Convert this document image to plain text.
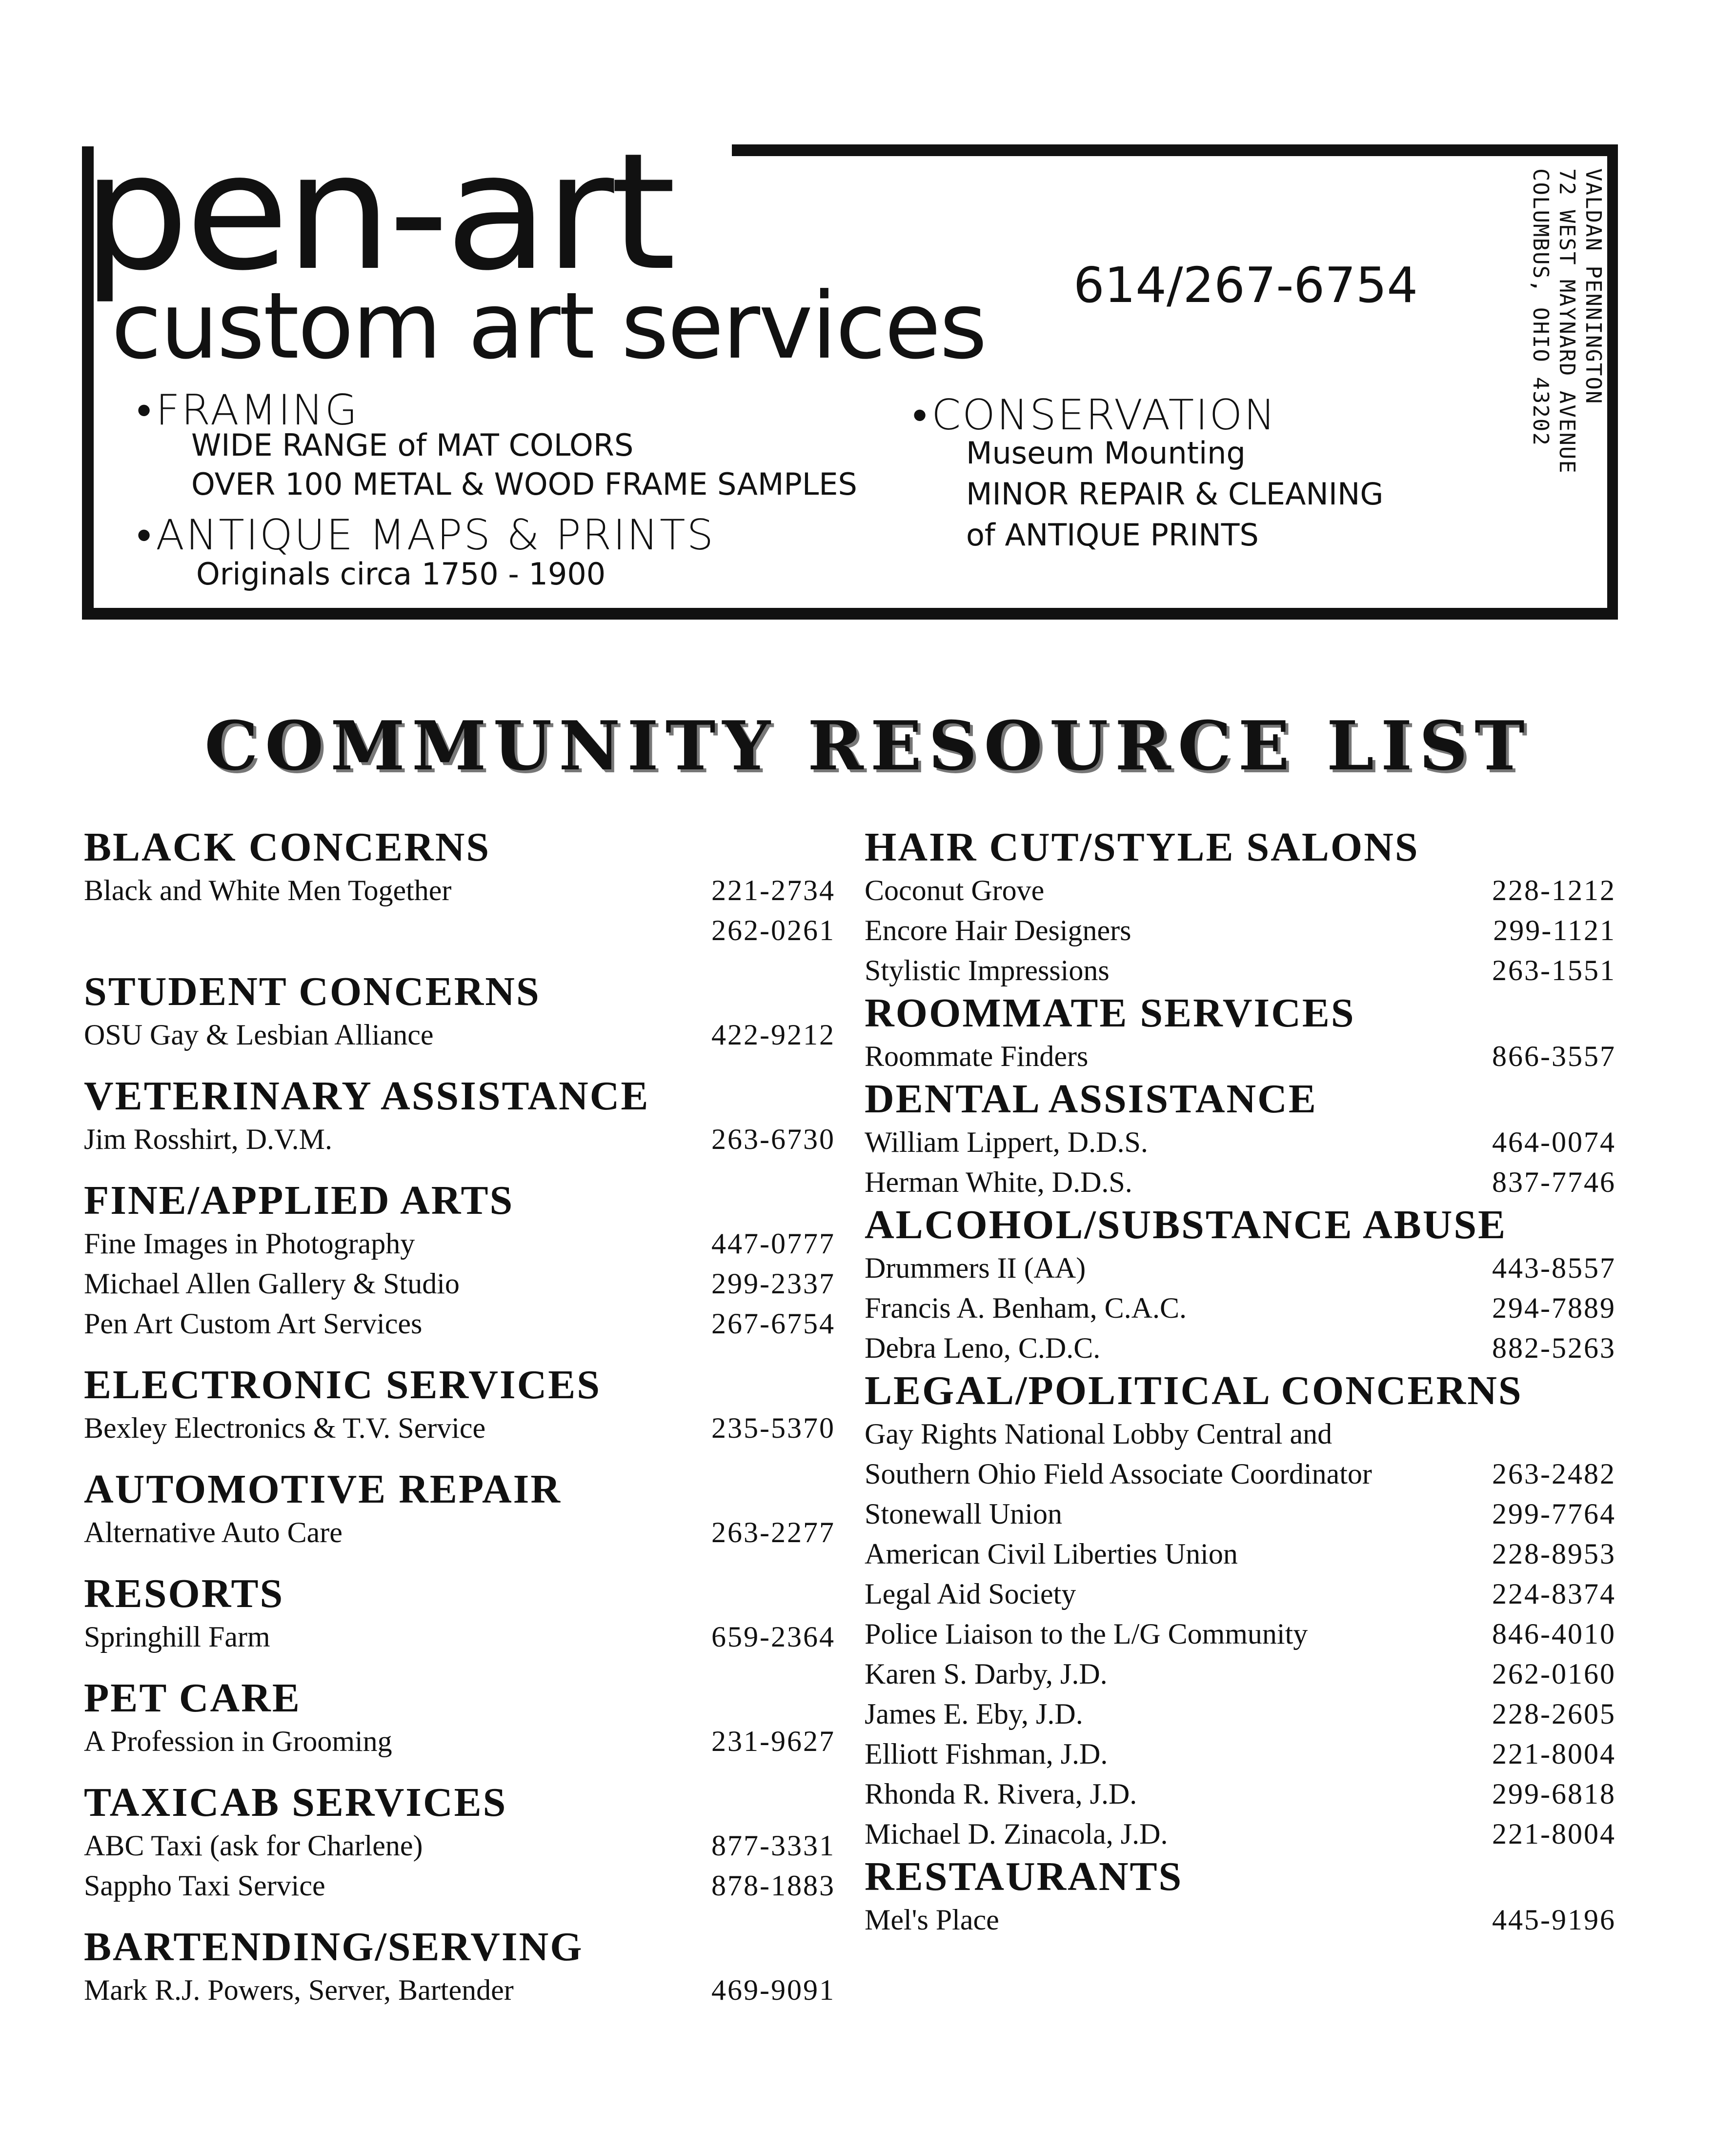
pen-art
custom art services 614/267-6754
•FRAMING
WIDE RANGE of MAT COLORS
OVER 100 METAL & WOOD FRAME SAMPLES
•ANTIQUE MAPS & PRINTS
Originals circa 1750 - 1900
•CONSERVATION
Museum Mounting
MINOR REPAIR & CLEANING
of ANTIQUE PRINTS
VALDAN PENNINGTON
72 WEST MAYNARD AVENUE
COLUMBUS, OHIO 43202
COMMUNITY RESOURCE LIST
BLACK CONCERNS
Black and White Men Together	221-2734
262-0261
STUDENT CONCERNS
OSU Gay & Lesbian Alliance	422-9212
VETERINARY ASSISTANCE
Jim Rosshirt, D.V.M.	263-6730
FINE/APPLIED ARTS
Fine Images in Photography	447-0777
Michael Allen Gallery & Studio	299-2337
Pen Art Custom Art Services	267-6754
ELECTRONIC SERVICES
Bexley Electronics & T.V. Service	235-5370
AUTOMOTIVE REPAIR
Alternative Auto Care	263-2277
RESORTS
Springhill Farm	659-2364
PET CARE
A Profession in Grooming	231-9627
TAXICAB SERVICES
ABC Taxi (ask for Charlene)	877-3331
Sappho Taxi Service	878-1883
BARTENDING/SERVING
Mark R.J. Powers, Server, Bartender	469-9091
HAIR CUT/STYLE SALONS
Coconut Grove	228-1212
Encore Hair Designers	299-1121
Stylistic Impressions	263-1551
ROOMMATE SERVICES
Roommate Finders	866-3557
DENTAL ASSISTANCE
William Lippert, D.D.S.	464-0074
Herman White, D.D.S.	837-7746
ALCOHOL/SUBSTANCE ABUSE
Drummers II (AA)	443-8557
Francis A. Benham, C.A.C.	294-7889
Debra Leno, C.D.C.	882-5263
LEGAL/POLITICAL CONCERNS
Gay Rights National Lobby Central and
Southern Ohio Field Associate Coordinator	263-2482
Stonewall Union	299-7764
American Civil Liberties Union	228-8953
Legal Aid Society	224-8374
Police Liaison to the L/G Community	846-4010
Karen S. Darby, J.D.	262-0160
James E. Eby, J.D.	228-2605
Elliott Fishman, J.D.	221-8004
Rhonda R. Rivera, J.D.	299-6818
Michael D. Zinacola, J.D.	221-8004
RESTAURANTS
Mel's Place	445-9196
